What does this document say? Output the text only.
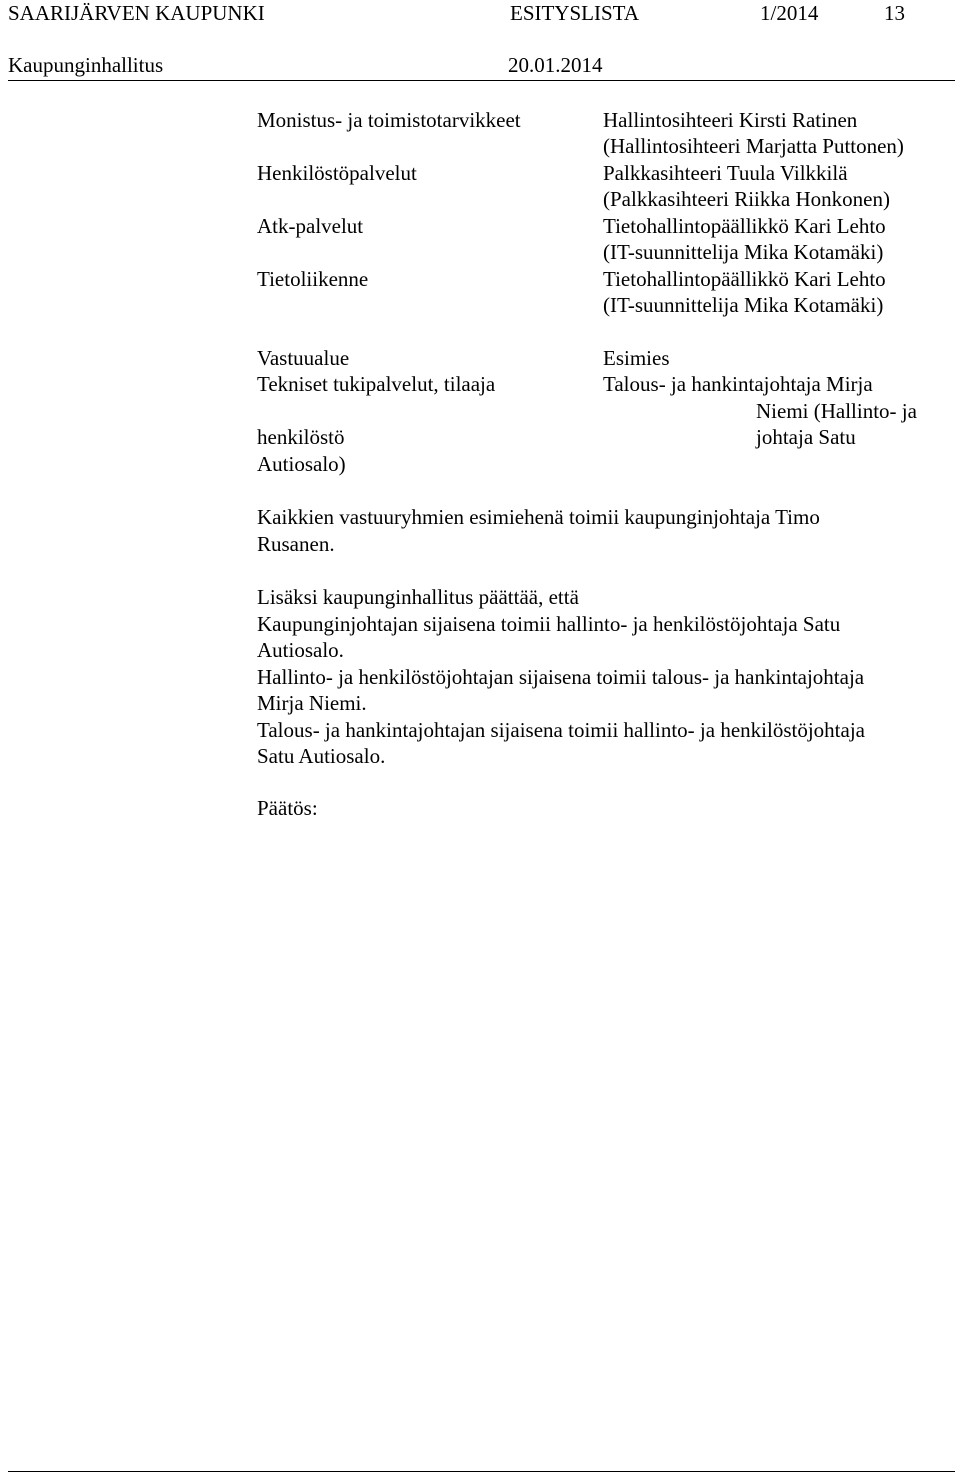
SAARIJÄRVEN KAUPUNKI	ESITYSLISTA	1/2014	13
Kaupunginhallitus	20.01.2014
Monistus- ja toimistotarvikkeet	Hallintosihteeri Kirsti Ratinen
(Hallintosihteeri Marjatta Puttonen)
Henkilöstöpalvelut	Palkkasihteeri Tuula Vilkkilä
(Palkkasihteeri Riikka Honkonen)
Atk-palvelut	Tietohallintopäällikkö Kari Lehto
(IT-suunnittelija Mika Kotamäki)
Tietoliikenne	Tietohallintopäällikkö Kari Lehto
(IT-suunnittelija Mika Kotamäki)
Vastuualue	Esimies
Tekniset tukipalvelut, tilaaja	Talous- ja hankintajohtaja Mirja
Niemi (Hallinto- ja
henkilöstö	johtaja Satu
Autiosalo)
Kaikkien vastuuryhmien esimiehenä toimii kaupunginjohtaja Timo
Rusanen.
Lisäksi kaupunginhallitus päättää, että
Kaupunginjohtajan sijaisena toimii hallinto- ja henkilöstöjohtaja Satu
Autiosalo.
Hallinto- ja henkilöstöjohtajan sijaisena toimii talous- ja hankintajohtaja
Mirja Niemi.
Talous- ja hankintajohtajan sijaisena toimii hallinto- ja henkilöstöjohtaja
Satu Autiosalo.
Päätös:
